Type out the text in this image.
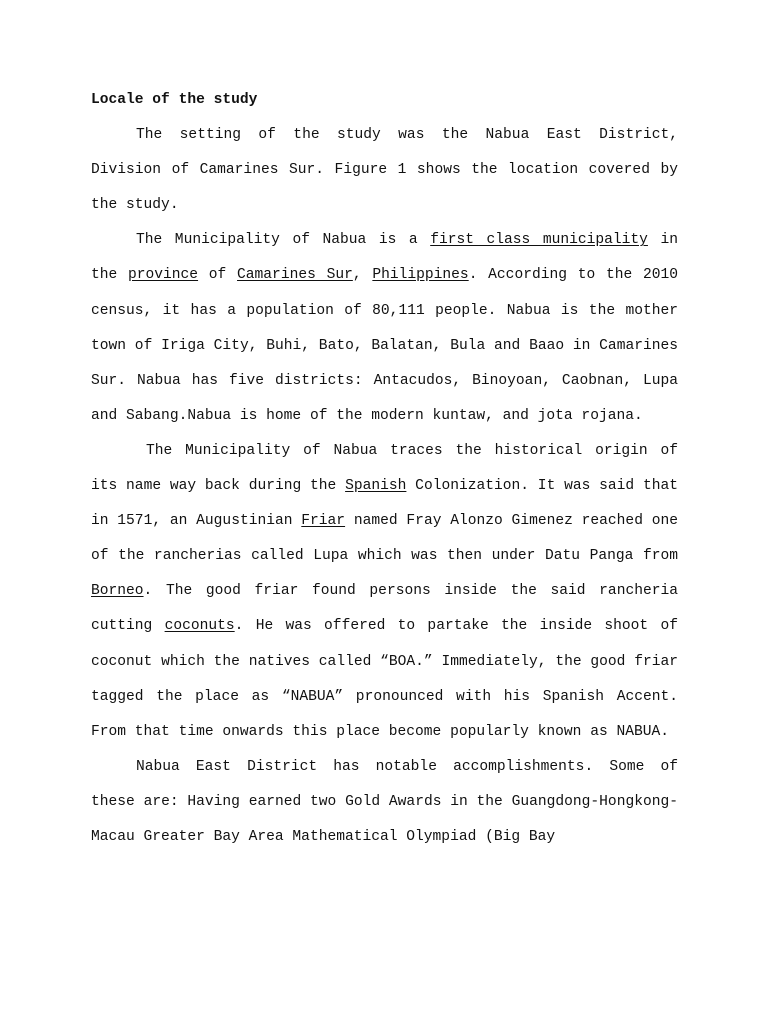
Locale of the study

The setting of the study was the Nabua East District, Division of Camarines Sur. Figure 1 shows the location covered by the study.

The Municipality of Nabua is a first class municipality in the province of Camarines Sur, Philippines. According to the 2010 census, it has a population of 80,111 people. Nabua is the mother town of Iriga City, Buhi, Bato, Balatan, Bula and Baao in Camarines Sur. Nabua has five districts: Antacudos, Binoyoan, Caobnan, Lupa and Sabang.Nabua is home of the modern kuntaw, and jota rojana.

The Municipality of Nabua traces the historical origin of its name way back during the Spanish Colonization. It was said that in 1571, an Augustinian Friar named Fray Alonzo Gimenez reached one of the rancherias called Lupa which was then under Datu Panga from Borneo. The good friar found persons inside the said rancheria cutting coconuts. He was offered to partake the inside shoot of coconut which the natives called “BOA.” Immediately, the good friar tagged the place as “NABUA” pronounced with his Spanish Accent. From that time onwards this place become popularly known as NABUA.

Nabua East District has notable accomplishments. Some of these are: Having earned two Gold Awards in the Guangdong-Hongkong-Macau Greater Bay Area Mathematical Olympiad (Big Bay
